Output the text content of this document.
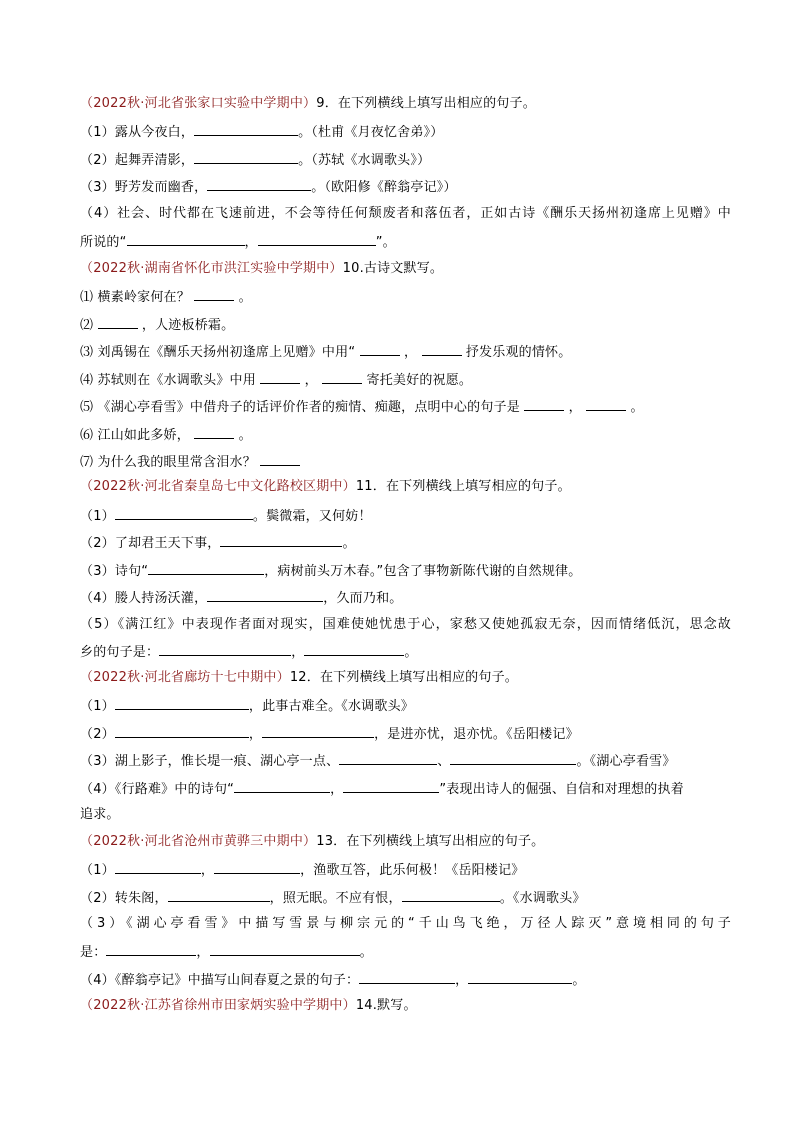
（2022秋·河北省张家口实验中学期中）9．在下列横线上填写出相应的句子。
（1）露从今夜白，	。（杜甫《月夜忆舍弟》）
（2）起舞弄清影，	。（苏轼《水调歌头》）
（3）野芳发而幽香，	。（欧阳修《醉翁亭记》）
（4）社会、时代都在飞速前进，不会等待任何颓废者和落伍者，正如古诗《酬乐天扬州初逢席上见赠》中
所说的“	，	”。
（2022秋·湖南省怀化市洪江实验中学期中）10.古诗文默写。
⑴ 横素岭家何在？	。
⑵	，人迹板桥霜。
⑶ 刘禹锡在《酬乐天扬州初逢席上见赠》中用“	，	抒发乐观的情怀。
⑷ 苏轼则在《水调歌头》中用	，	寄托美好的祝愿。
⑸ 《湖心亭看雪》中借舟子的话评价作者的痴情、痴趣，点明中心的句子是	，	。
⑹ 江山如此多娇，	。
⑺ 为什么我的眼里常含泪水？
（2022秋·河北省秦皇岛七中文化路校区期中）11．在下列横线上填写相应的句子。
（1）	。鬓微霜，又何妨！
（2）了却君王天下事，	。
（3）诗句“	，病树前头万木春。”包含了事物新陈代谢的自然规律。
（4）媵人持汤沃灌，	，久而乃和。
（5）《满江红》中表现作者面对现实，国难使她忧患于心，家愁又使她孤寂无奈，因而情绪低沉，思念故
乡的句子是：	，	。
（2022秋·河北省廊坊十七中期中）12．在下列横线上填写出相应的句子。
（1）	，此事古难全。《水调歌头》
（2）	，	，是进亦忧，退亦忧。《岳阳楼记》
（3）湖上影子，惟长堤一痕、湖心亭一点、	、	。《湖心亭看雪》
（4）《行路难》中的诗句“	，	”表现出诗人的倔强、自信和对理想的执着
追求。
（2022秋·河北省沧州市黄骅三中期中）13．在下列横线上填写出相应的句子。
（1）	，	，渔歌互答，此乐何极！《岳阳楼记》
（2）转朱阁，	，照无眠。不应有恨，	。《水调歌头》
（3）《湖心亭看雪》中描写雪景与柳宗元的“千山鸟飞绝，万径人踪灭”意境相同的句子
是：	，	。
（4）《醉翁亭记》中描写山间春夏之景的句子：	，	。
（2022秋·江苏省徐州市田家炳实验中学期中）14.默写。
